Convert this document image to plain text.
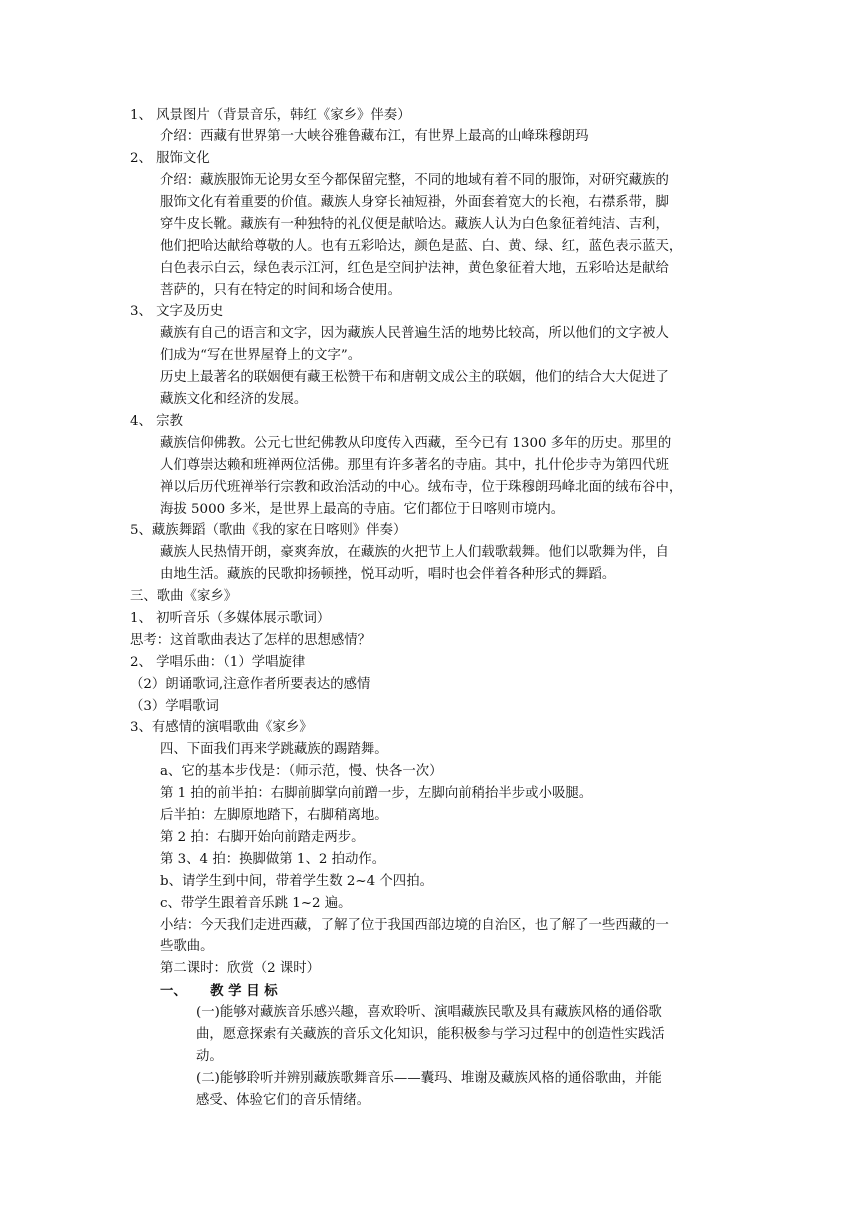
1、 风景图片（背景音乐，韩红《家乡》伴奏）
介绍：西藏有世界第一大峡谷雅鲁藏布江，有世界上最高的山峰珠穆朗玛
2、 服饰文化
介绍：藏族服饰无论男女至今都保留完整，不同的地域有着不同的服饰，对研究藏族的
服饰文化有着重要的价值。藏族人身穿长袖短褂，外面套着宽大的长袍，右襟系带，脚
穿牛皮长靴。藏族有一种独特的礼仪便是献哈达。藏族人认为白色象征着纯洁、吉利，
他们把哈达献给尊敬的人。也有五彩哈达，颜色是蓝、白、黄、绿、红，蓝色表示蓝天，
白色表示白云，绿色表示江河，红色是空间护法神，黄色象征着大地，五彩哈达是献给
菩萨的，只有在特定的时间和场合使用。
3、 文字及历史
藏族有自己的语言和文字，因为藏族人民普遍生活的地势比较高，所以他们的文字被人
们成为“写在世界屋脊上的文字”。
历史上最著名的联姻便有藏王松赞干布和唐朝文成公主的联姻，他们的结合大大促进了
藏族文化和经济的发展。
4、 宗教
藏族信仰佛教。公元七世纪佛教从印度传入西藏，至今已有 1300 多年的历史。那里的
人们尊崇达赖和班禅两位活佛。那里有许多著名的寺庙。其中，扎什伦步寺为第四代班
禅以后历代班禅举行宗教和政治活动的中心。绒布寺，位于珠穆朗玛峰北面的绒布谷中，
海拔 5000 多米，是世界上最高的寺庙。它们都位于日喀则市境内。
5、藏族舞蹈（歌曲《我的家在日喀则》伴奏）
藏族人民热情开朗，豪爽奔放，在藏族的火把节上人们载歌载舞。他们以歌舞为伴，自
由地生活。藏族的民歌抑扬顿挫，悦耳动听，唱时也会伴着各种形式的舞蹈。
三、歌曲《家乡》
1、 初听音乐（多媒体展示歌词）
思考：这首歌曲表达了怎样的思想感情？
2、 学唱乐曲：（1）学唱旋律
（2）朗诵歌词,注意作者所要表达的感情
（3）学唱歌词
3、有感情的演唱歌曲《家乡》
四、下面我们再来学跳藏族的踢踏舞。
a、它的基本步伐是：（师示范，慢、快各一次）
第 1 拍的前半拍：右脚前脚掌向前蹭一步，左脚向前稍抬半步或小吸腿。
后半拍：左脚原地踏下，右脚稍离地。
第 2 拍：右脚开始向前踏走两步。
第 3、4 拍：换脚做第 1、2 拍动作。
b、请学生到中间，带着学生数 2~4 个四拍。
c、带学生跟着音乐跳 1~2 遍。
小结：今天我们走进西藏，了解了位于我国西部边境的自治区，也了解了一些西藏的一
些歌曲。
第二课时：欣赏（2 课时）
一、     教 学 目 标
(一)能够对藏族音乐感兴趣，喜欢聆听、演唱藏族民歌及具有藏族风格的通俗歌
曲，愿意探索有关藏族的音乐文化知识，能积极参与学习过程中的创造性实践活
动。
(二)能够聆听并辨别藏族歌舞音乐——囊玛、堆谢及藏族风格的通俗歌曲，并能
感受、体验它们的音乐情绪。
